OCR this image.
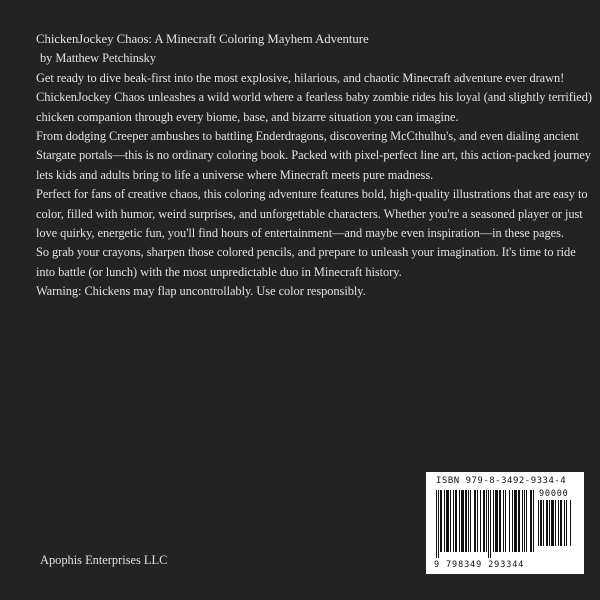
ChickenJockey Chaos: A Minecraft Coloring Mayhem Adventure

by Matthew Petchinsky

Get ready to dive beak-first into the most explosive, hilarious, and chaotic Minecraft adventure ever drawn! ChickenJockey Chaos unleashes a wild world where a fearless baby zombie rides his loyal (and slightly terrified) chicken companion through every biome, base, and bizarre situation you can imagine.

From dodging Creeper ambushes to battling Enderdragons, discovering McCthulhu's, and even dialing ancient Stargate portals—this is no ordinary coloring book. Packed with pixel-perfect line art, this action-packed journey lets kids and adults bring to life a universe where Minecraft meets pure madness.

Perfect for fans of creative chaos, this coloring adventure features bold, high-quality illustrations that are easy to color, filled with humor, weird surprises, and unforgettable characters. Whether you're a seasoned player or just love quirky, energetic fun, you'll find hours of entertainment—and maybe even inspiration—in these pages.

So grab your crayons, sharpen those colored pencils, and prepare to unleash your imagination. It's time to ride into battle (or lunch) with the most unpredictable duo in Minecraft history.

Warning: Chickens may flap uncontrollably. Use color responsibly.

Apophis Enterprises LLC
ISBN 979-8-3492-9334-4
90000
9 798349 293344
